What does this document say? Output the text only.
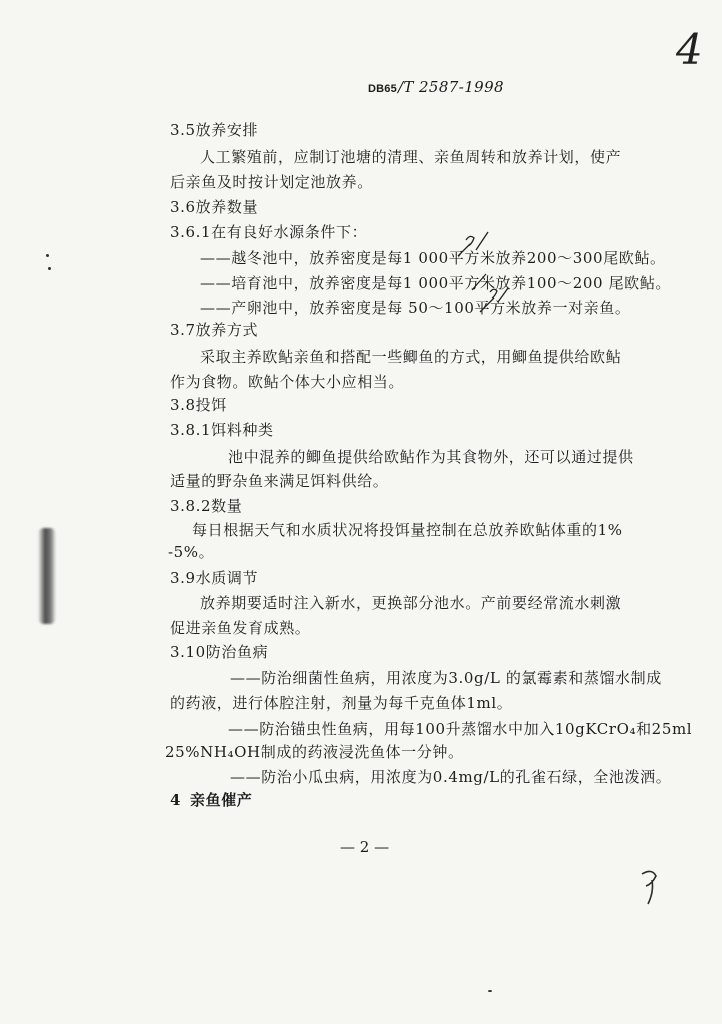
DB65/T 2587-1998
4
3.5放养安排
人工繁殖前，应制订池塘的清理、亲鱼周转和放养计划，使产
后亲鱼及时按计划定池放养。
3.6放养数量
3.6.1在有良好水源条件下：
——越冬池中，放养密度是每1 000平方米放养200～300尾欧鲇。
——培育池中，放养密度是每1 000平方米放养100～200 尾欧鲇。
——产卵池中，放养密度是每 50～100平方米放养一对亲鱼。
3.7放养方式
采取主养欧鲇亲鱼和搭配一些鲫鱼的方式，用鲫鱼提供给欧鲇
作为食物。欧鲇个体大小应相当。
3.8投饵
3.8.1饵料种类
池中混养的鲫鱼提供给欧鲇作为其食物外，还可以通过提供
适量的野杂鱼来满足饵料供给。
3.8.2数量
每日根据天气和水质状况将投饵量控制在总放养欧鲇体重的1%
-5%。
3.9水质调节
放养期要适时注入新水，更换部分池水。产前要经常流水刺激
促进亲鱼发育成熟。
3.10防治鱼病
——防治细菌性鱼病，用浓度为3.0g/L 的氯霉素和蒸馏水制成
的药液，进行体腔注射，剂量为每千克鱼体1ml。
——防治锚虫性鱼病，用每100升蒸馏水中加入10gKCrO₄和25ml
25%NH₄OH制成的药液浸洗鱼体一分钟。
——防治小瓜虫病，用浓度为0.4mg/L的孔雀石绿，全池泼洒。
4 亲鱼催产
— 2 —
